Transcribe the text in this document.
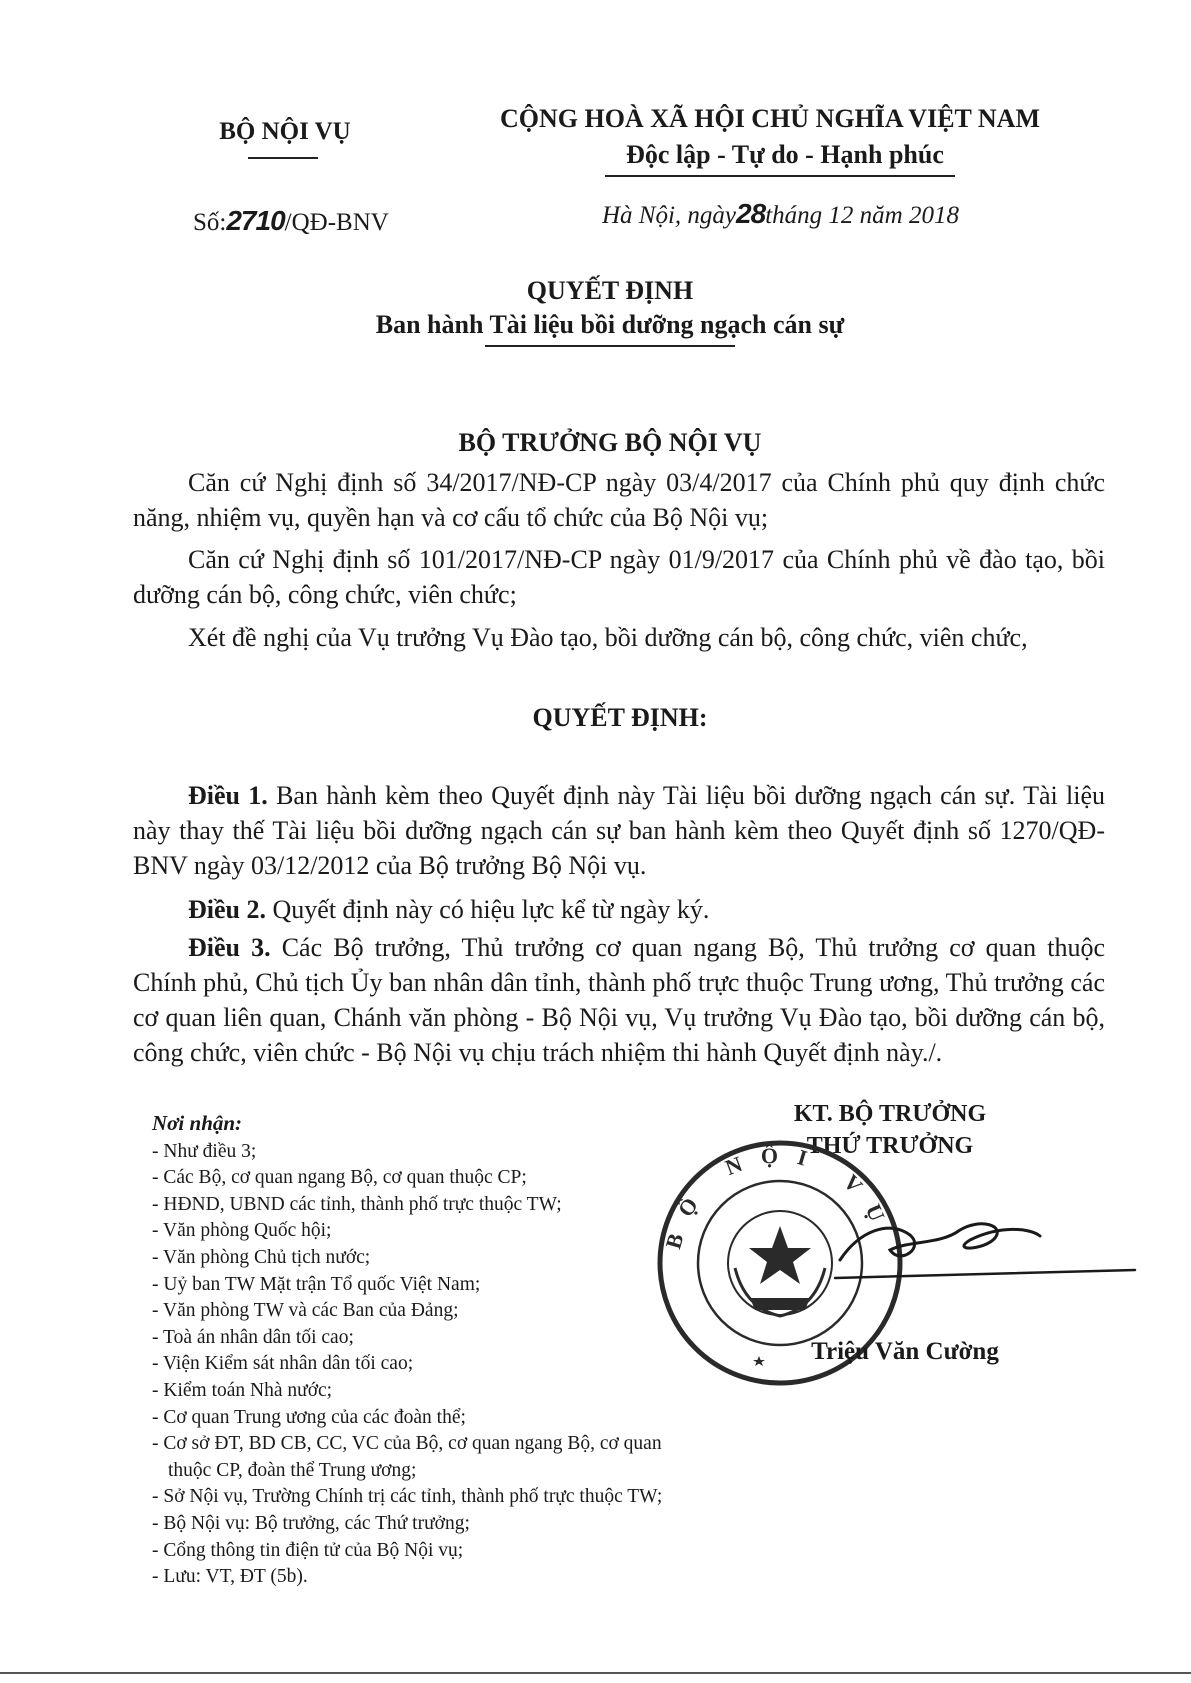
BỘ NỘI VỤ	CỘNG HOÀ XÃ HỘI CHỦ NGHĨA VIỆT NAM
Độc lập - Tự do - Hạnh phúc
Số:2710/QĐ-BNV	Hà Nội, ngày28tháng 12 năm 2018
QUYẾT ĐỊNH
Ban hành Tài liệu bồi dưỡng ngạch cán sự
BỘ TRƯỞNG BỘ NỘI VỤ
Căn cứ Nghị định số 34/2017/NĐ-CP ngày 03/4/2017 của Chính phủ quy định chức năng, nhiệm vụ, quyền hạn và cơ cấu tổ chức của Bộ Nội vụ;
Căn cứ Nghị định số 101/2017/NĐ-CP ngày 01/9/2017 của Chính phủ về đào tạo, bồi dưỡng cán bộ, công chức, viên chức;
Xét đề nghị của Vụ trưởng Vụ Đào tạo, bồi dưỡng cán bộ, công chức, viên chức,
QUYẾT ĐỊNH:
Điều 1. Ban hành kèm theo Quyết định này Tài liệu bồi dưỡng ngạch cán sự. Tài liệu này thay thế Tài liệu bồi dưỡng ngạch cán sự ban hành kèm theo Quyết định số 1270/QĐ-BNV ngày 03/12/2012 của Bộ trưởng Bộ Nội vụ.
Điều 2. Quyết định này có hiệu lực kể từ ngày ký.
Điều 3. Các Bộ trưởng, Thủ trưởng cơ quan ngang Bộ, Thủ trưởng cơ quan thuộc Chính phủ, Chủ tịch Ủy ban nhân dân tỉnh, thành phố trực thuộc Trung ương, Thủ trưởng các cơ quan liên quan, Chánh văn phòng - Bộ Nội vụ, Vụ trưởng Vụ Đào tạo, bồi dưỡng cán bộ, công chức, viên chức - Bộ Nội vụ chịu trách nhiệm thi hành Quyết định này./.
Nơi nhận:
- Như điều 3;
- Các Bộ, cơ quan ngang Bộ, cơ quan thuộc CP;
- HĐND, UBND các tỉnh, thành phố trực thuộc TW;
- Văn phòng Quốc hội;
- Văn phòng Chủ tịch nước;
- Uỷ ban TW Mặt trận Tổ quốc Việt Nam;
- Văn phòng TW và các Ban của Đảng;
- Toà án nhân dân tối cao;
- Viện Kiểm sát nhân dân tối cao;
- Kiểm toán Nhà nước;
- Cơ quan Trung ương của các đoàn thể;
- Cơ sở ĐT, BD CB, CC, VC của Bộ, cơ quan ngang Bộ, cơ quan thuộc CP, đoàn thể Trung ương;
- Sở Nội vụ, Trường Chính trị các tỉnh, thành phố trực thuộc TW;
- Bộ Nội vụ: Bộ trưởng, các Thứ trưởng;
- Cổng thông tin điện tử của Bộ Nội vụ;
- Lưu: VT, ĐT (5b).
KT. BỘ TRƯỞNG
THỨ TRƯỞNG
BỘ NỘI VỤ
Triệu Văn Cường
